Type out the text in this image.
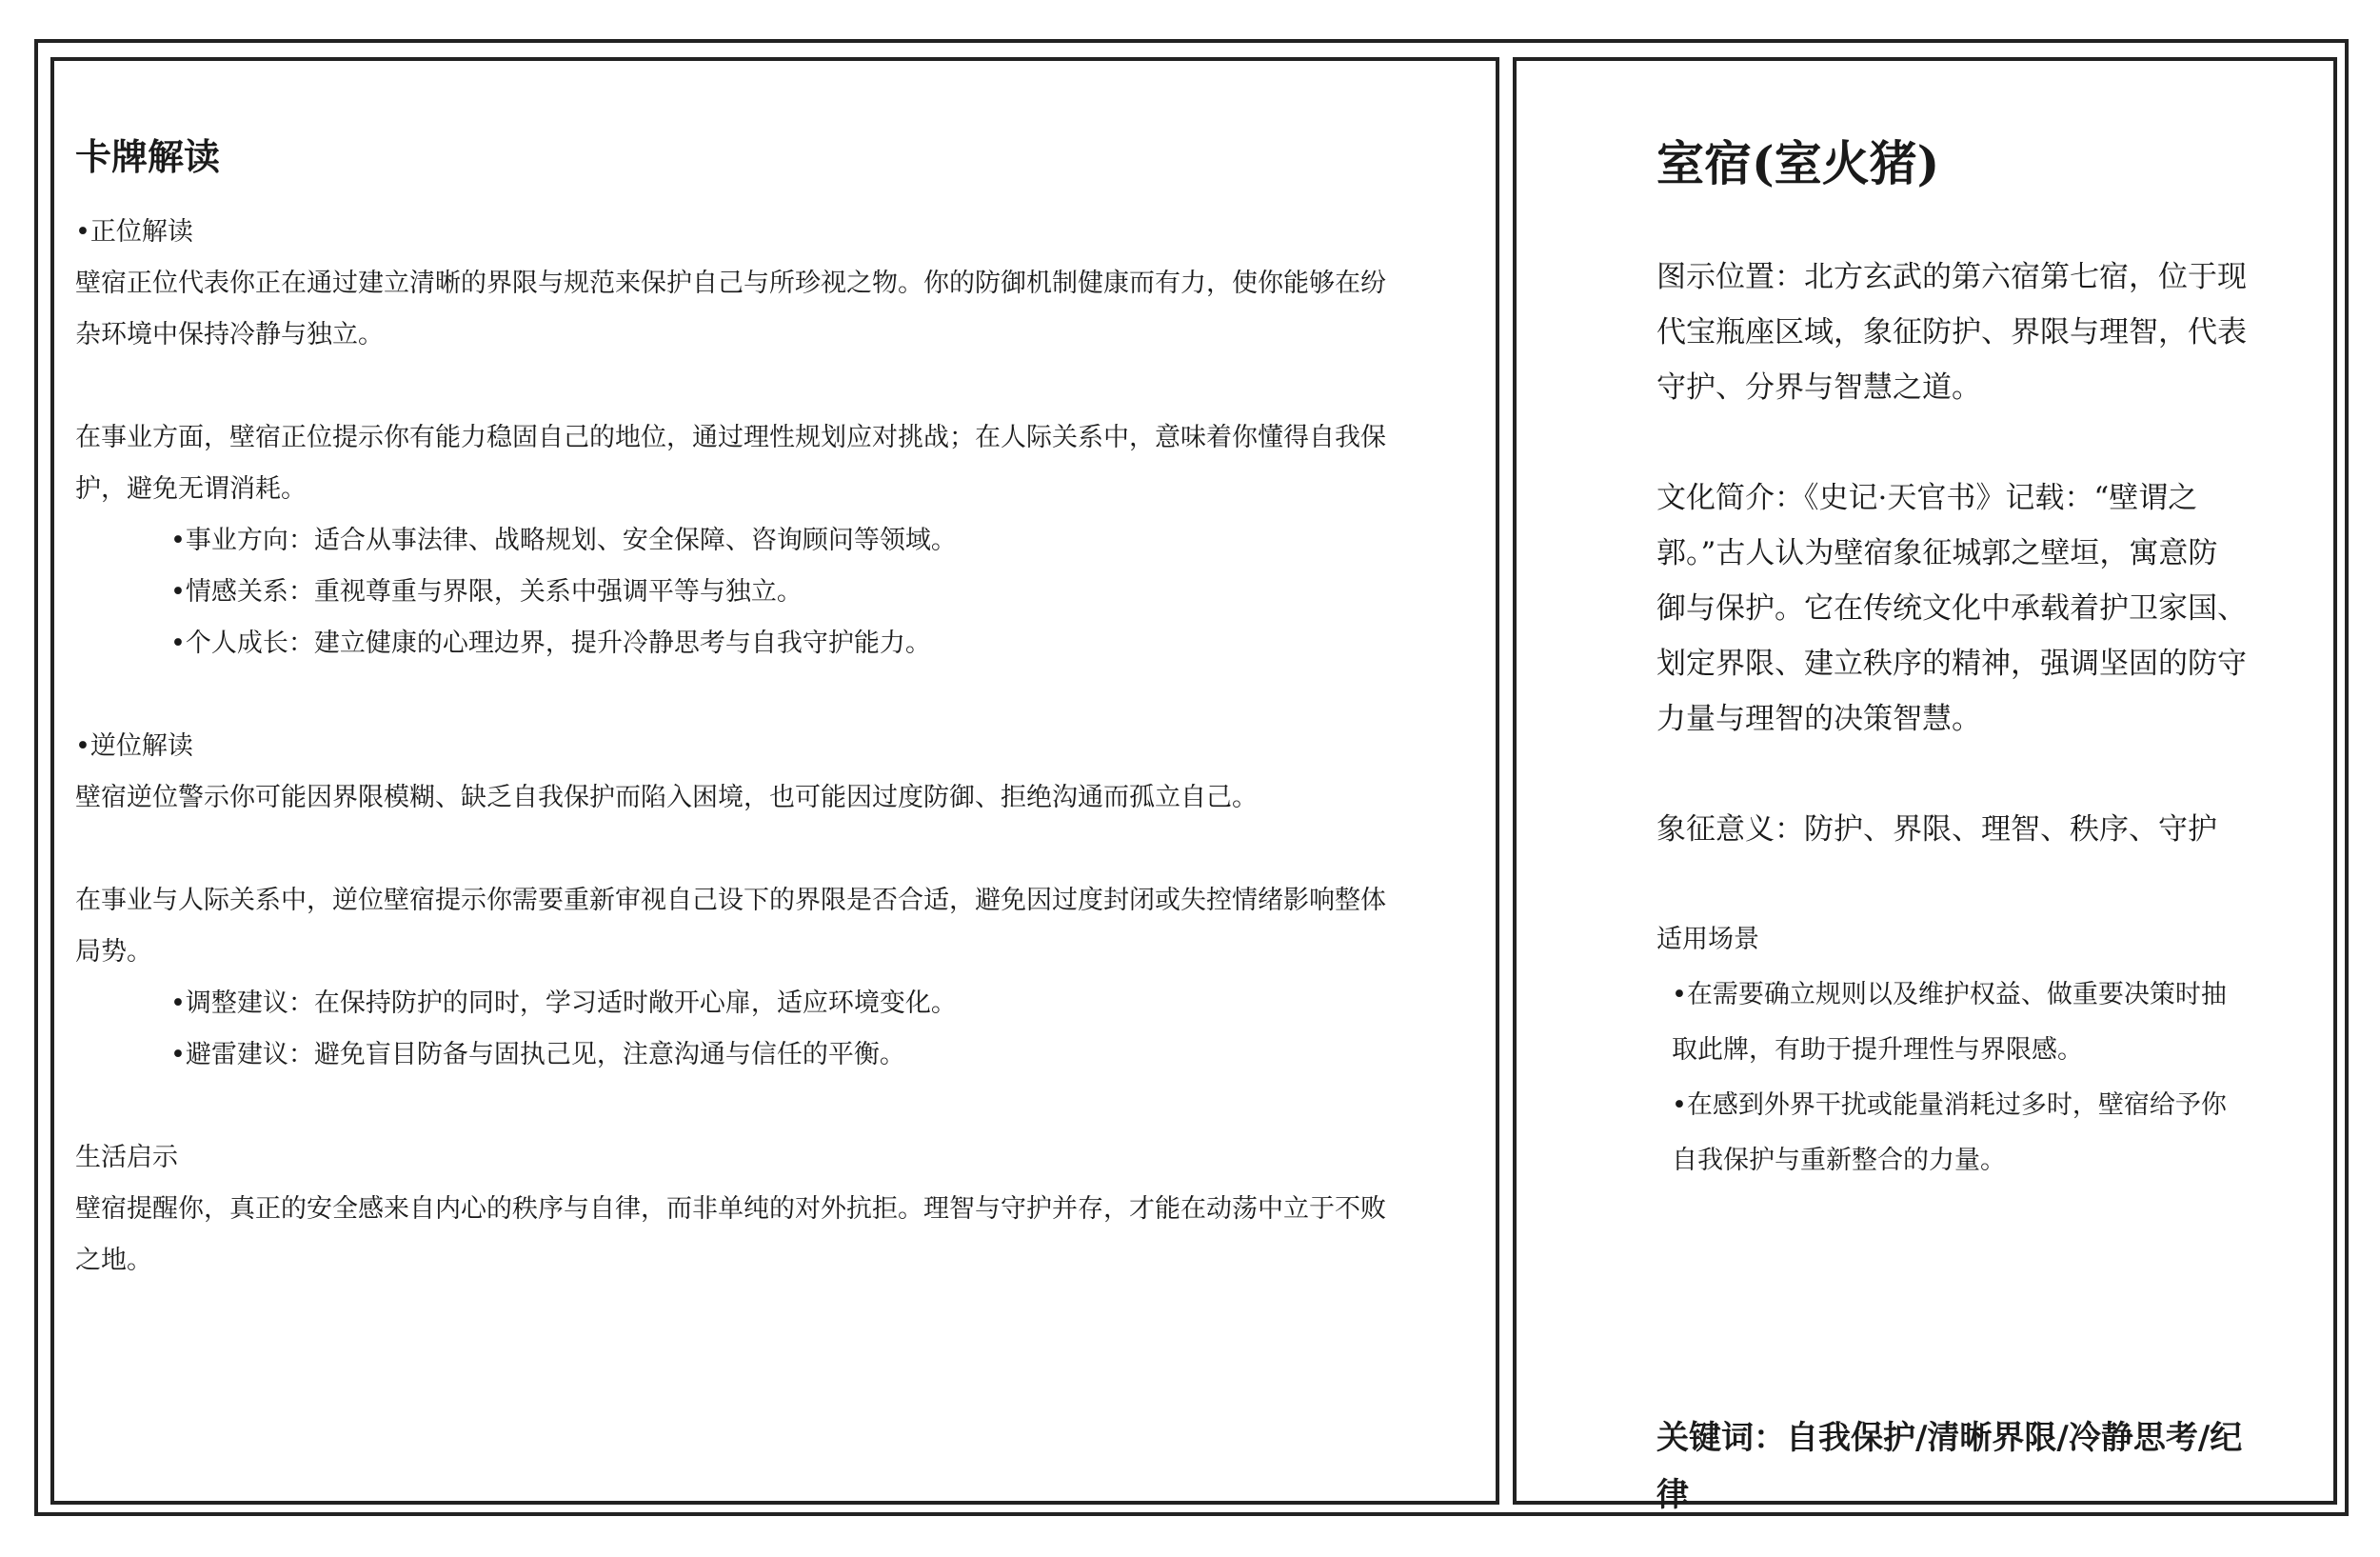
卡牌解读

•正位解读

壁宿正位代表你正在通过建立清晰的界限与规范来保护自己与所珍视之物。你的防御机制健康而有力，使你能够在纷杂环境中保持冷静与独立。

在事业方面，壁宿正位提示你有能力稳固自己的地位，通过理性规划应对挑战；在人际关系中，意味着你懂得自我保护，避免无谓消耗。

•事业方向：适合从事法律、战略规划、安全保障、咨询顾问等领域。

•情感关系：重视尊重与界限，关系中强调平等与独立。

•个人成长：建立健康的心理边界，提升冷静思考与自我守护能力。

•逆位解读

壁宿逆位警示你可能因界限模糊、缺乏自我保护而陷入困境，也可能因过度防御、拒绝沟通而孤立自己。

在事业与人际关系中，逆位壁宿提示你需要重新审视自己设下的界限是否合适，避免因过度封闭或失控情绪影响整体局势。

•调整建议：在保持防护的同时，学习适时敞开心扉，适应环境变化。

•避雷建议：避免盲目防备与固执己见，注意沟通与信任的平衡。

生活启示

壁宿提醒你，真正的安全感来自内心的秩序与自律，而非单纯的对外抗拒。理智与守护并存，才能在动荡中立于不败之地。

室宿(室火猪)

图示位置：北方玄武的第六宿第七宿，位于现代宝瓶座区域，象征防护、界限与理智，代表守护、分界与智慧之道。

文化简介：《史记·天官书》记载：“壁谓之郭。”古人认为壁宿象征城郭之壁垣，寓意防御与保护。它在传统文化中承载着护卫家国、划定界限、建立秩序的精神，强调坚固的防守力量与理智的决策智慧。

象征意义：防护、界限、理智、秩序、守护

适用场景

•在需要确立规则以及维护权益、做重要决策时抽取此牌，有助于提升理性与界限感。

•在感到外界干扰或能量消耗过多时，壁宿给予你自我保护与重新整合的力量。

关键词：自我保护/清晰界限/冷静思考/纪律
